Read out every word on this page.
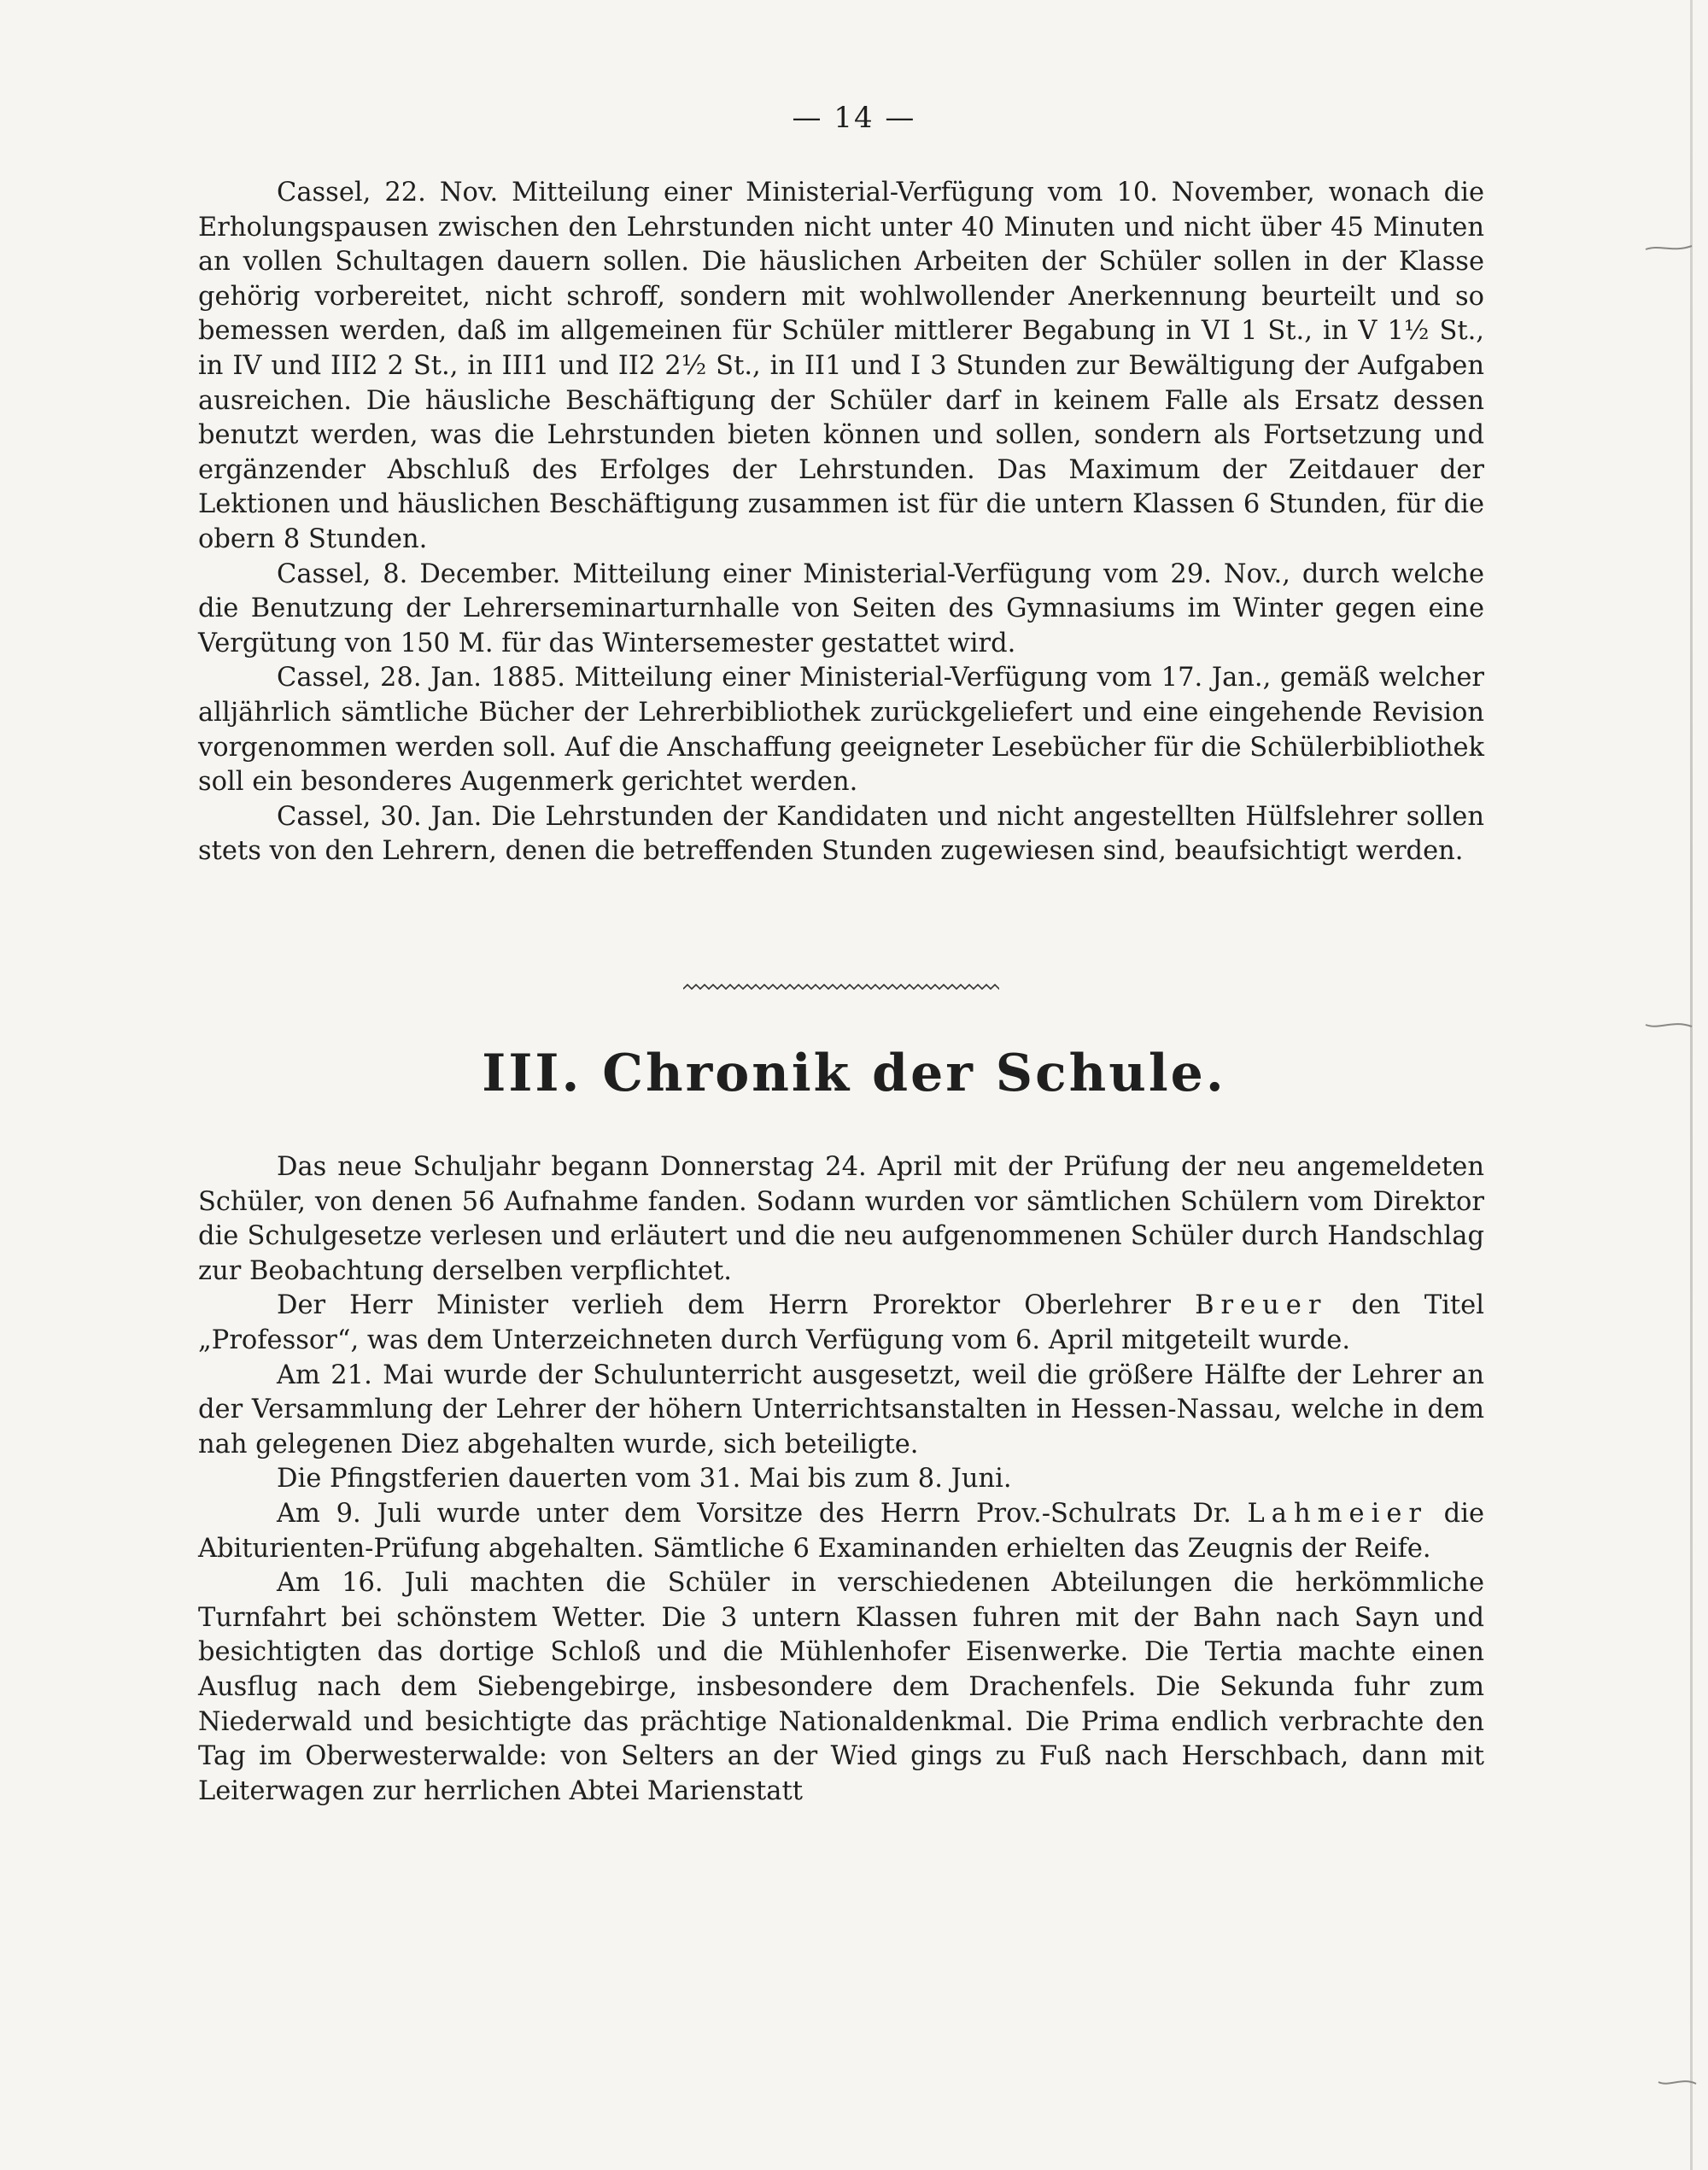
— 14 —

Cassel, 22. Nov. Mitteilung einer Ministerial-Verfügung vom 10. November, wonach die Erholungspausen zwischen den Lehrstunden nicht unter 40 Minuten und nicht über 45 Minuten an vollen Schultagen dauern sollen. Die häuslichen Arbeiten der Schüler sollen in der Klasse gehörig vorbereitet, nicht schroff, sondern mit wohlwollender Anerkennung beurteilt und so bemessen werden, daß im allgemeinen für Schüler mittlerer Begabung in VI 1 St., in V 1½ St., in IV und III2 2 St., in III1 und II2 2½ St., in II1 und I 3 Stunden zur Bewältigung der Aufgaben ausreichen. Die häusliche Beschäftigung der Schüler darf in keinem Falle als Ersatz dessen benutzt werden, was die Lehrstunden bieten können und sollen, sondern als Fortsetzung und ergänzender Abschluß des Erfolges der Lehrstunden. Das Maximum der Zeitdauer der Lektionen und häuslichen Beschäftigung zusammen ist für die untern Klassen 6 Stunden, für die obern 8 Stunden.

Cassel, 8. December. Mitteilung einer Ministerial-Verfügung vom 29. Nov., durch welche die Benutzung der Lehrerseminarturnhalle von Seiten des Gymnasiums im Winter gegen eine Vergütung von 150 M. für das Wintersemester gestattet wird.

Cassel, 28. Jan. 1885. Mitteilung einer Ministerial-Verfügung vom 17. Jan., gemäß welcher alljährlich sämtliche Bücher der Lehrerbibliothek zurückgeliefert und eine eingehende Revision vorgenommen werden soll. Auf die Anschaffung geeigneter Lesebücher für die Schülerbibliothek soll ein besonderes Augenmerk gerichtet werden.

Cassel, 30. Jan. Die Lehrstunden der Kandidaten und nicht angestellten Hülfslehrer sollen stets von den Lehrern, denen die betreffenden Stunden zugewiesen sind, beaufsichtigt werden.

III. Chronik der Schule.

Das neue Schuljahr begann Donnerstag 24. April mit der Prüfung der neu angemeldeten Schüler, von denen 56 Aufnahme fanden. Sodann wurden vor sämtlichen Schülern vom Direktor die Schulgesetze verlesen und erläutert und die neu aufgenommenen Schüler durch Handschlag zur Beobachtung derselben verpflichtet.

Der Herr Minister verlieh dem Herrn Prorektor Oberlehrer Breuer den Titel „Professor“, was dem Unterzeichneten durch Verfügung vom 6. April mitgeteilt wurde.

Am 21. Mai wurde der Schulunterricht ausgesetzt, weil die größere Hälfte der Lehrer an der Versammlung der Lehrer der höhern Unterrichtsanstalten in Hessen-Nassau, welche in dem nah gelegenen Diez abgehalten wurde, sich beteiligte.

Die Pfingstferien dauerten vom 31. Mai bis zum 8. Juni.

Am 9. Juli wurde unter dem Vorsitze des Herrn Prov.-Schulrats Dr. Lahmeier die Abiturienten-Prüfung abgehalten. Sämtliche 6 Examinanden erhielten das Zeugnis der Reife.

Am 16. Juli machten die Schüler in verschiedenen Abteilungen die herkömmliche Turnfahrt bei schönstem Wetter. Die 3 untern Klassen fuhren mit der Bahn nach Sayn und besichtigten das dortige Schloß und die Mühlenhofer Eisenwerke. Die Tertia machte einen Ausflug nach dem Siebengebirge, insbesondere dem Drachenfels. Die Sekunda fuhr zum Niederwald und besichtigte das prächtige Nationaldenkmal. Die Prima endlich verbrachte den Tag im Oberwesterwalde: von Selters an der Wied gings zu Fuß nach Herschbach, dann mit Leiterwagen zur herrlichen Abtei Marienstatt
